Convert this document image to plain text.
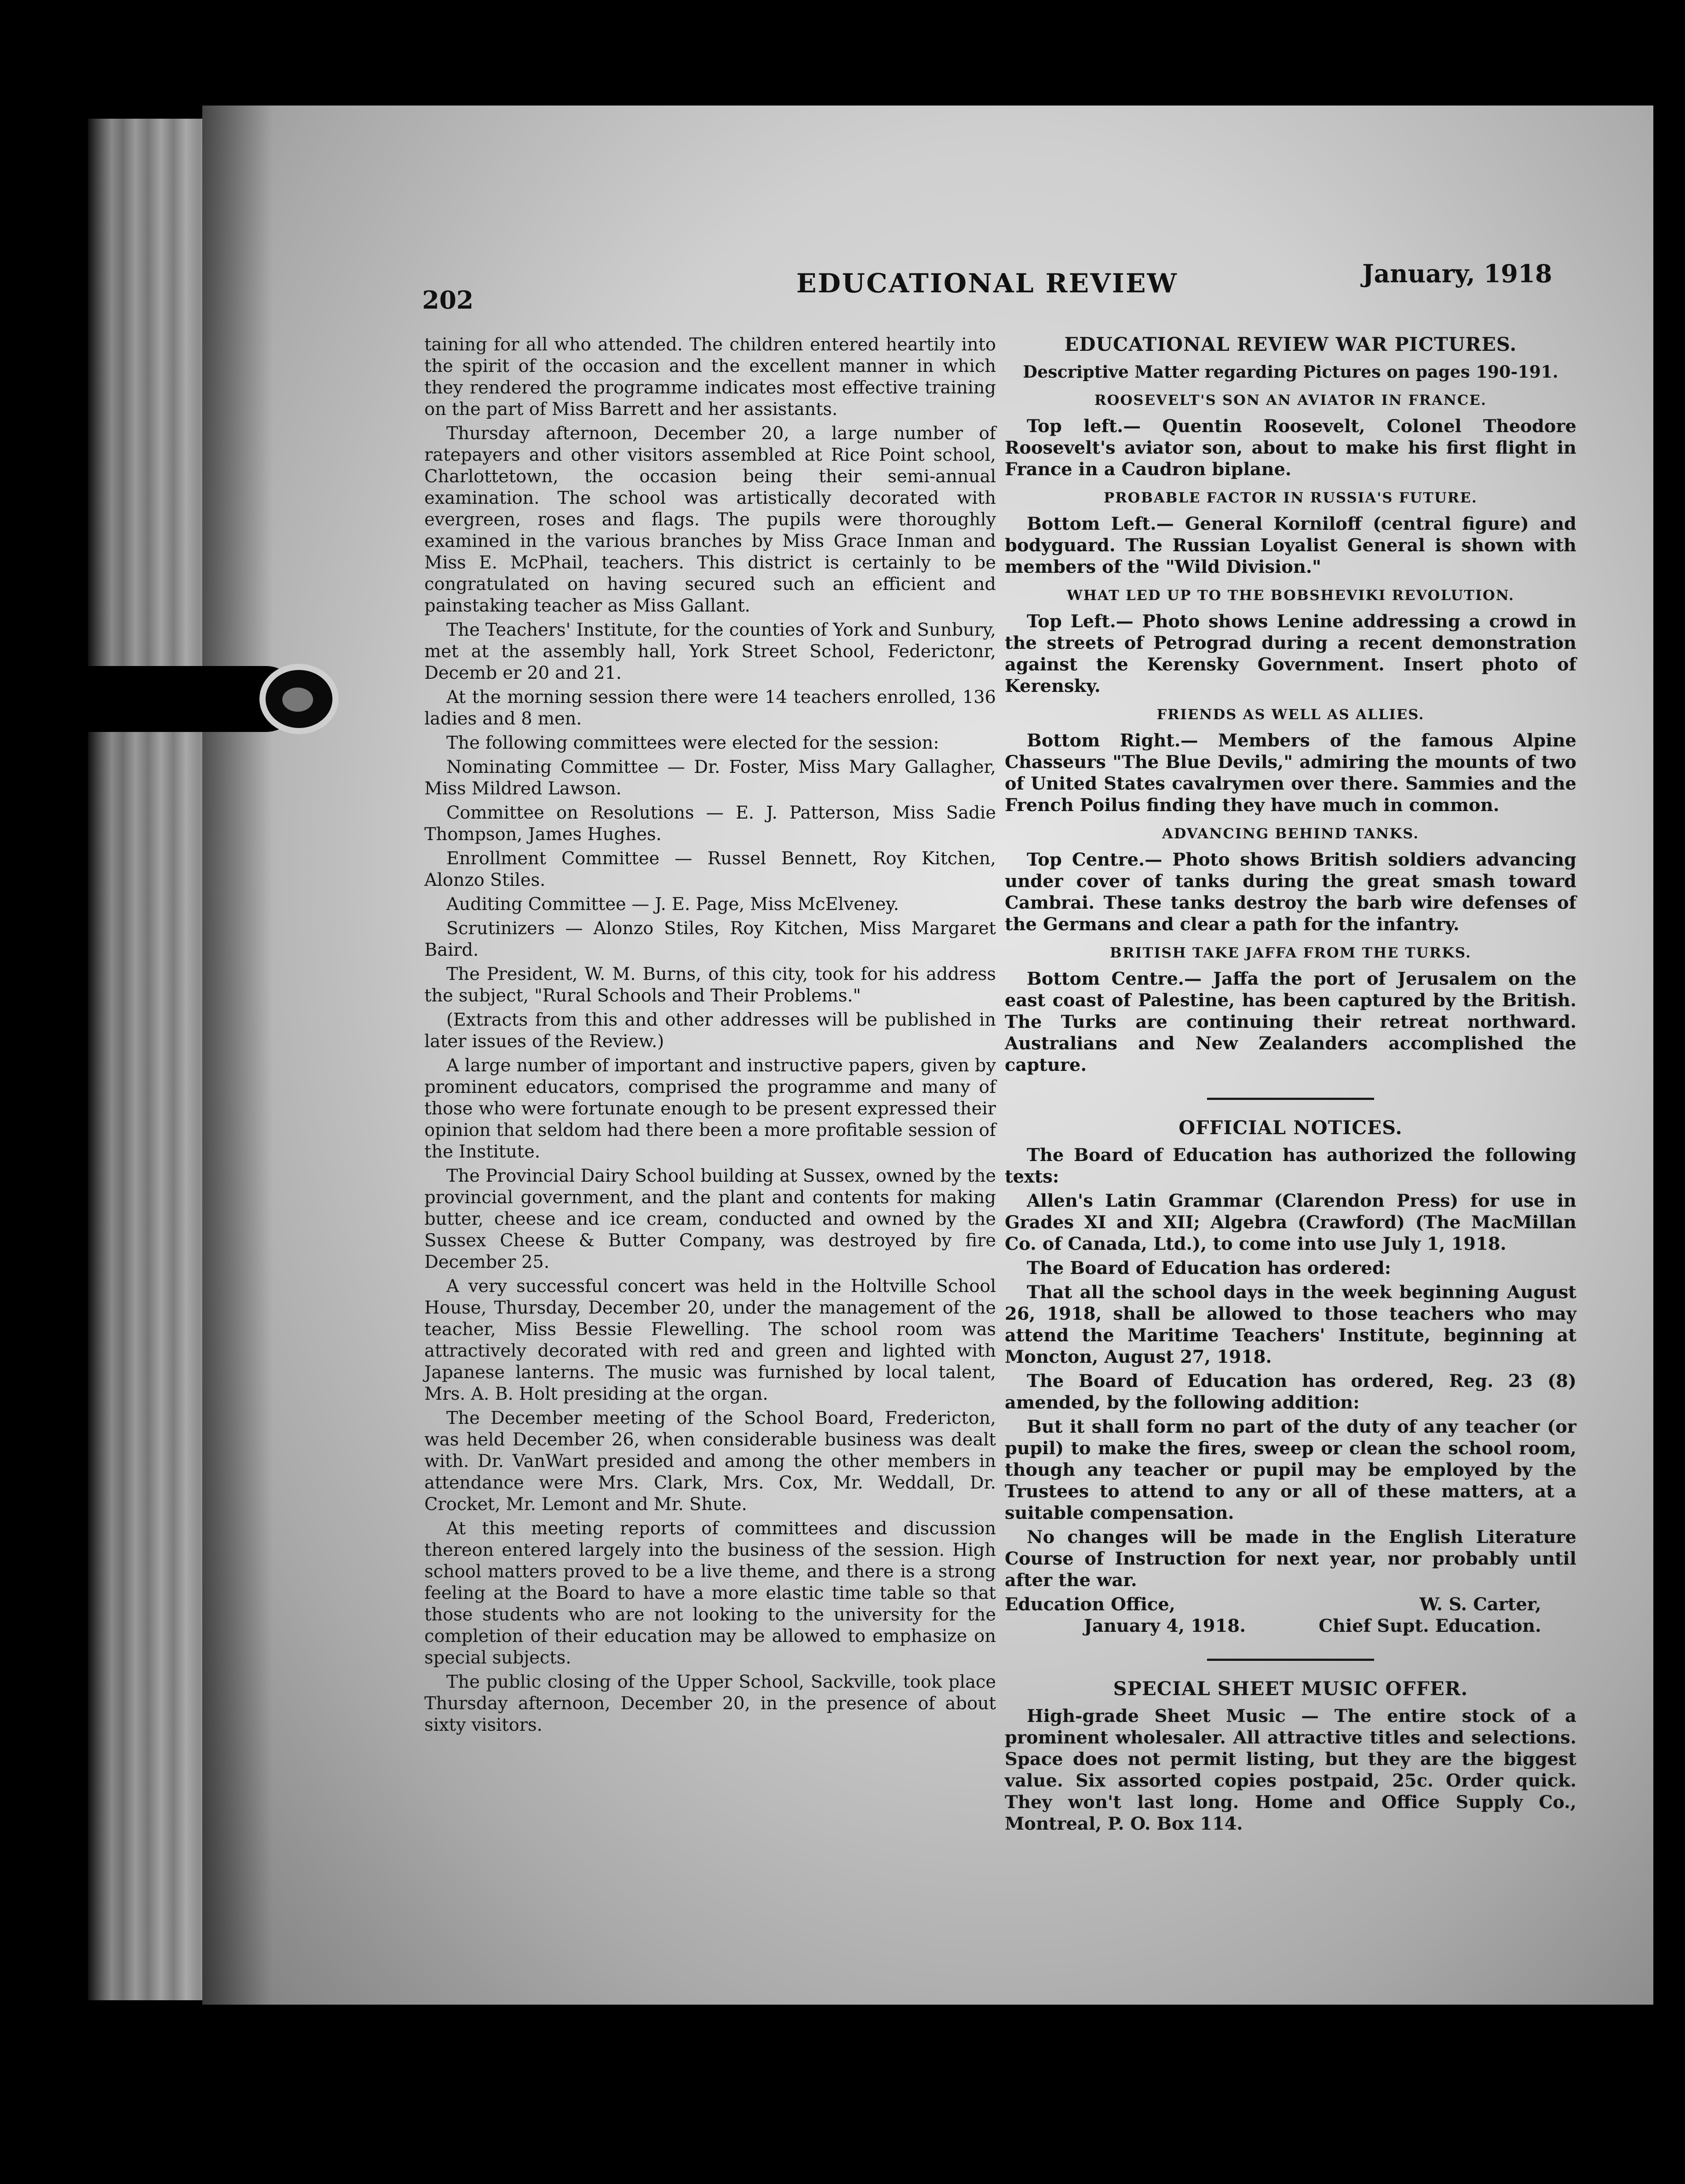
202
EDUCATIONAL REVIEW	January, 1918

taining for all who attended. The children entered heartily into the spirit of the occasion and the excellent manner in which they rendered the programme indicates most effective training on the part of Miss Barrett and her assistants.

Thursday afternoon, December 20, a large number of ratepayers and other visitors assembled at Rice Point school, Charlottetown, the occasion being their semi-annual examination. The school was artistically decorated with evergreen, roses and flags. The pupils were thoroughly examined in the various branches by Miss Grace Inman and Miss E. McPhail, teachers. This district is certainly to be congratulated on having secured such an efficient and painstaking teacher as Miss Gallant.

The Teachers' Institute, for the counties of York and Sunbury, met at the assembly hall, York Street School, Federictonr, Decemb er 20 and 21.

At the morning session there were 14 teachers enrolled, 136 ladies and 8 men.

The following committees were elected for the session:

Nominating Committee — Dr. Foster, Miss Mary Gallagher, Miss Mildred Lawson.

Committee on Resolutions — E. J. Patterson, Miss Sadie Thompson, James Hughes.

Enrollment Committee — Russel Bennett, Roy Kitchen, Alonzo Stiles.

Auditing Committee — J. E. Page, Miss McElveney.

Scrutinizers — Alonzo Stiles, Roy Kitchen, Miss Margaret Baird.

The President, W. M. Burns, of this city, took for his address the subject, "Rural Schools and Their Problems."

(Extracts from this and other addresses will be published in later issues of the Review.)

A large number of important and instructive papers, given by prominent educators, comprised the programme and many of those who were fortunate enough to be present expressed their opinion that seldom had there been a more profitable session of the Institute.

The Provincial Dairy School building at Sussex, owned by the provincial government, and the plant and contents for making butter, cheese and ice cream, conducted and owned by the Sussex Cheese & Butter Company, was destroyed by fire December 25.

A very successful concert was held in the Holtville School House, Thursday, December 20, under the management of the teacher, Miss Bessie Flewelling. The school room was attractively decorated with red and green and lighted with Japanese lanterns. The music was furnished by local talent, Mrs. A. B. Holt presiding at the organ.

The December meeting of the School Board, Fredericton, was held December 26, when considerable business was dealt with. Dr. VanWart presided and among the other members in attendance were Mrs. Clark, Mrs. Cox, Mr. Weddall, Dr. Crocket, Mr. Lemont and Mr. Shute.

At this meeting reports of committees and discussion thereon entered largely into the business of the session. High school matters proved to be a live theme, and there is a strong feeling at the Board to have a more elastic time table so that those students who are not looking to the university for the completion of their education may be allowed to emphasize on special subjects.

The public closing of the Upper School, Sackville, took place Thursday afternoon, December 20, in the presence of about sixty visitors.

EDUCATIONAL REVIEW WAR PICTURES.
Descriptive Matter regarding Pictures on pages 190-191.
ROOSEVELT'S SON AN AVIATOR IN FRANCE.

Top left.— Quentin Roosevelt, Colonel Theodore Roosevelt's aviator son, about to make his first flight in France in a Caudron biplane.

PROBABLE FACTOR IN RUSSIA'S FUTURE.

Bottom Left.— General Korniloff (central figure) and bodyguard. The Russian Loyalist General is shown with members of the "Wild Division."

WHAT LED UP TO THE BOBSHEVIKI REVOLUTION.

Top Left.— Photo shows Lenine addressing a crowd in the streets of Petrograd during a recent demonstration against the Kerensky Government. Insert photo of Kerensky.

FRIENDS AS WELL AS ALLIES.

Bottom Right.— Members of the famous Alpine Chasseurs "The Blue Devils," admiring the mounts of two of United States cavalrymen over there. Sammies and the French Poilus finding they have much in common.

ADVANCING BEHIND TANKS.

Top Centre.— Photo shows British soldiers advancing under cover of tanks during the great smash toward Cambrai. These tanks destroy the barb wire defenses of the Germans and clear a path for the infantry.

BRITISH TAKE JAFFA FROM THE TURKS.

Bottom Centre.— Jaffa the port of Jerusalem on the east coast of Palestine, has been captured by the British. The Turks are continuing their retreat northward. Australians and New Zealanders accomplished the capture.

OFFICIAL NOTICES.

The Board of Education has authorized the following texts:

Allen's Latin Grammar (Clarendon Press) for use in Grades XI and XII; Algebra (Crawford) (The MacMillan Co. of Canada, Ltd.), to come into use July 1, 1918.

The Board of Education has ordered:

That all the school days in the week beginning August 26, 1918, shall be allowed to those teachers who may attend the Maritime Teachers' Institute, beginning at Moncton, August 27, 1918.

The Board of Education has ordered, Reg. 23 (8) amended, by the following addition:

But it shall form no part of the duty of any teacher (or pupil) to make the fires, sweep or clean the school room, though any teacher or pupil may be employed by the Trustees to attend to any or all of these matters, at a suitable compensation.

No changes will be made in the English Literature Course of Instruction for next year, nor probably until after the war.

Education Office,	W. S. Carter,
January 4, 1918.	Chief Supt. Education.
SPECIAL SHEET MUSIC OFFER.

High-grade Sheet Music — The entire stock of a prominent wholesaler. All attractive titles and selections. Space does not permit listing, but they are the biggest value. Six assorted copies postpaid, 25c. Order quick. They won't last long. Home and Office Supply Co., Montreal, P. O. Box 114.
